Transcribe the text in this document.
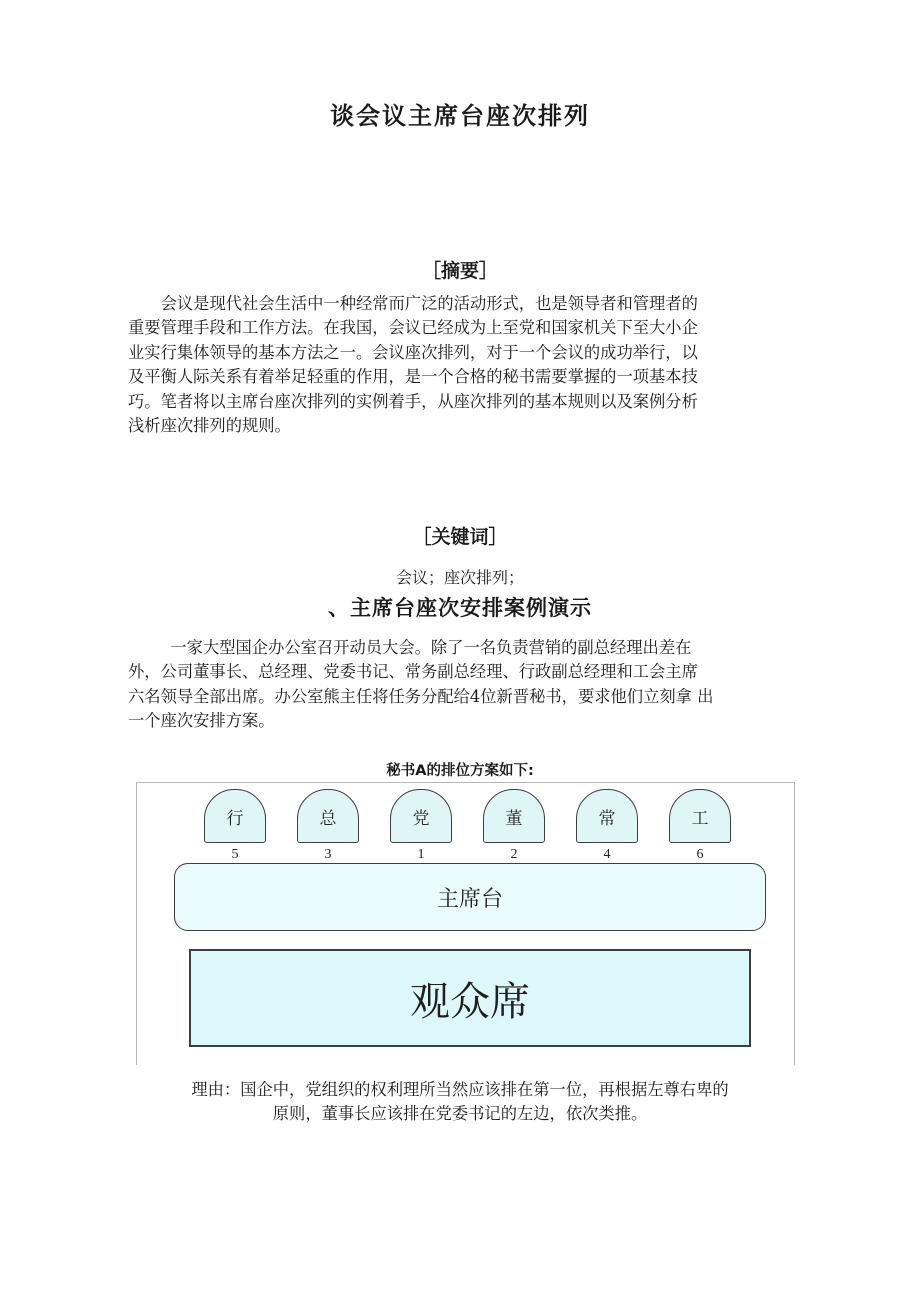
谈会议主席台座次排列
［摘要］
会议是现代社会生活中一种经常而广泛的活动形式，也是领导者和管理者的
重要管理手段和工作方法。在我国，会议已经成为上至党和国家机关下至大小企
业实行集体领导的基本方法之一。会议座次排列，对于一个会议的成功举行，以
及平衡人际关系有着举足轻重的作用，是一个合格的秘书需要掌握的一项基本技
巧。笔者将以主席台座次排列的实例着手，从座次排列的基本规则以及案例分析
浅析座次排列的规则。
［关键词］
会议；座次排列；
、主席台座次安排案例演示
一家大型国企办公室召开动员大会。除了一名负责营销的副总经理出差在
外，公司董事长、总经理、党委书记、常务副总经理、行政副总经理和工会主席
六名领导全部出席。办公室熊主任将任务分配给4位新晋秘书，要求他们立刻拿 出
一个座次安排方案。
秘书A的排位方案如下:
行
5
总
3
党
1
董
2
常
4
工
6
主席台
观众席
理由：国企中，党组织的权利理所当然应该排在第一位，再根据左尊右卑的
原则，董事长应该排在党委书记的左边，依次类推。
